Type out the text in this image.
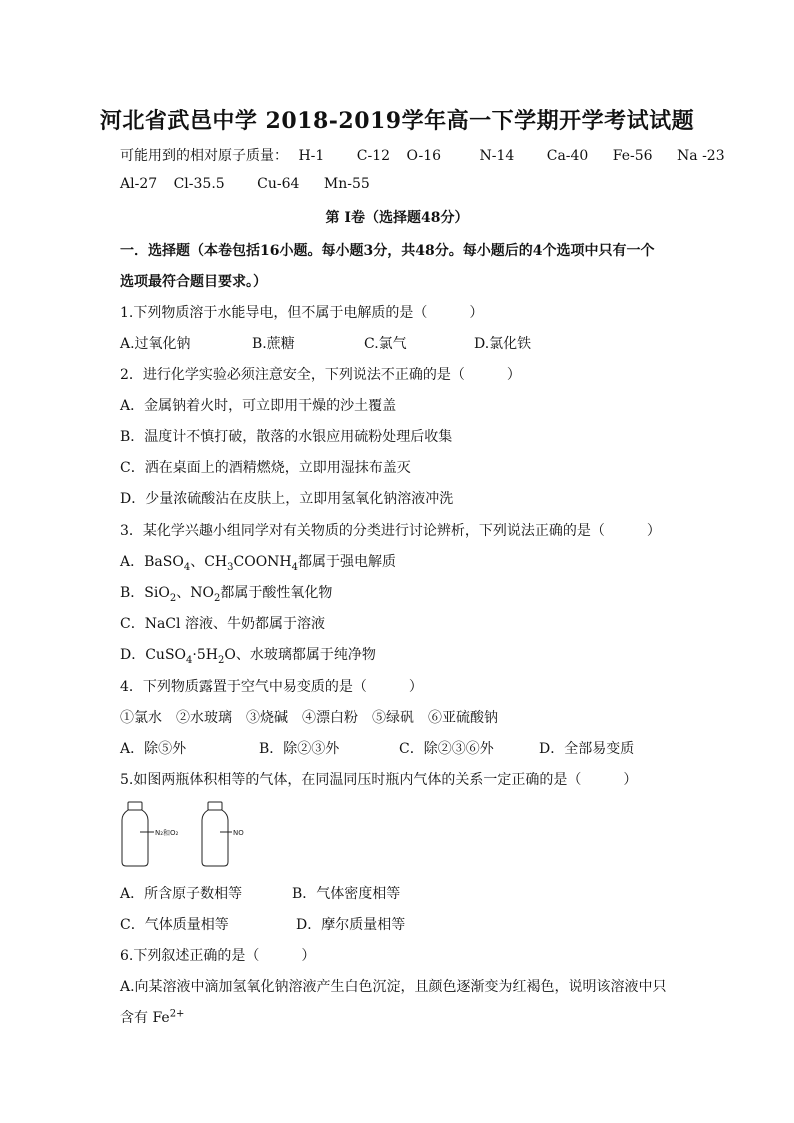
河北省武邑中学 2018-2019学年高一下学期开学考试试题
可能用到的相对原子质量： H-1 C-12 O-16	N-14 Ca-40 Fe-56 Na -23
Al-27 Cl-35.5 Cu-64 Mn-55
第 I卷（选择题48分）
一．选择题（本卷包括16小题。每小题3分，共48分。每小题后的4个选项中只有一个
选项最符合题目要求。）
1.下列物质溶于水能导电，但不属于电解质的是（　　　）
A.过氧化钠	B.蔗糖	C.氯气	D.氯化铁
2．进行化学实验必须注意安全，下列说法不正确的是（　　　）
A．金属钠着火时，可立即用干燥的沙土覆盖
B．温度计不慎打破，散落的水银应用硫粉处理后收集
C．洒在桌面上的酒精燃烧，立即用湿抹布盖灭
D．少量浓硫酸沾在皮肤上，立即用氢氧化钠溶液冲洗
3．某化学兴趣小组同学对有关物质的分类进行讨论辨析，下列说法正确的是（　　　）
A．BaSO$_4$、$CH_3COONH_4$都属于强电解质
B．SiO$_2$、$NO_2$都属于酸性氧化物
C．NaCl 溶液、牛奶都属于溶液
D．$CuSO_4\cdot 5H_2O$、水玻璃都属于纯净物
4．下列物质露置于空气中易变质的是（　　　）
①氯水　②水玻璃　③烧碱　④漂白粉　⑤绿矾　⑥亚硫酸钠
A．除⑤外	B．除②③外	C．除②③⑥外	D．全部易变质
5.如图两瓶体积相等的气体，在同温同压时瓶内气体的关系一定正确的是（　　　）
N₂和O₂	NO
A．所含原子数相等	B．气体密度相等
C．气体质量相等	D．摩尔质量相等
6.下列叙述正确的是（　　　）
A.向某溶液中滴加氢氧化钠溶液产生白色沉淀，且颜色逐渐变为红褐色，说明该溶液中只
含有 $Fe^{2+}$
